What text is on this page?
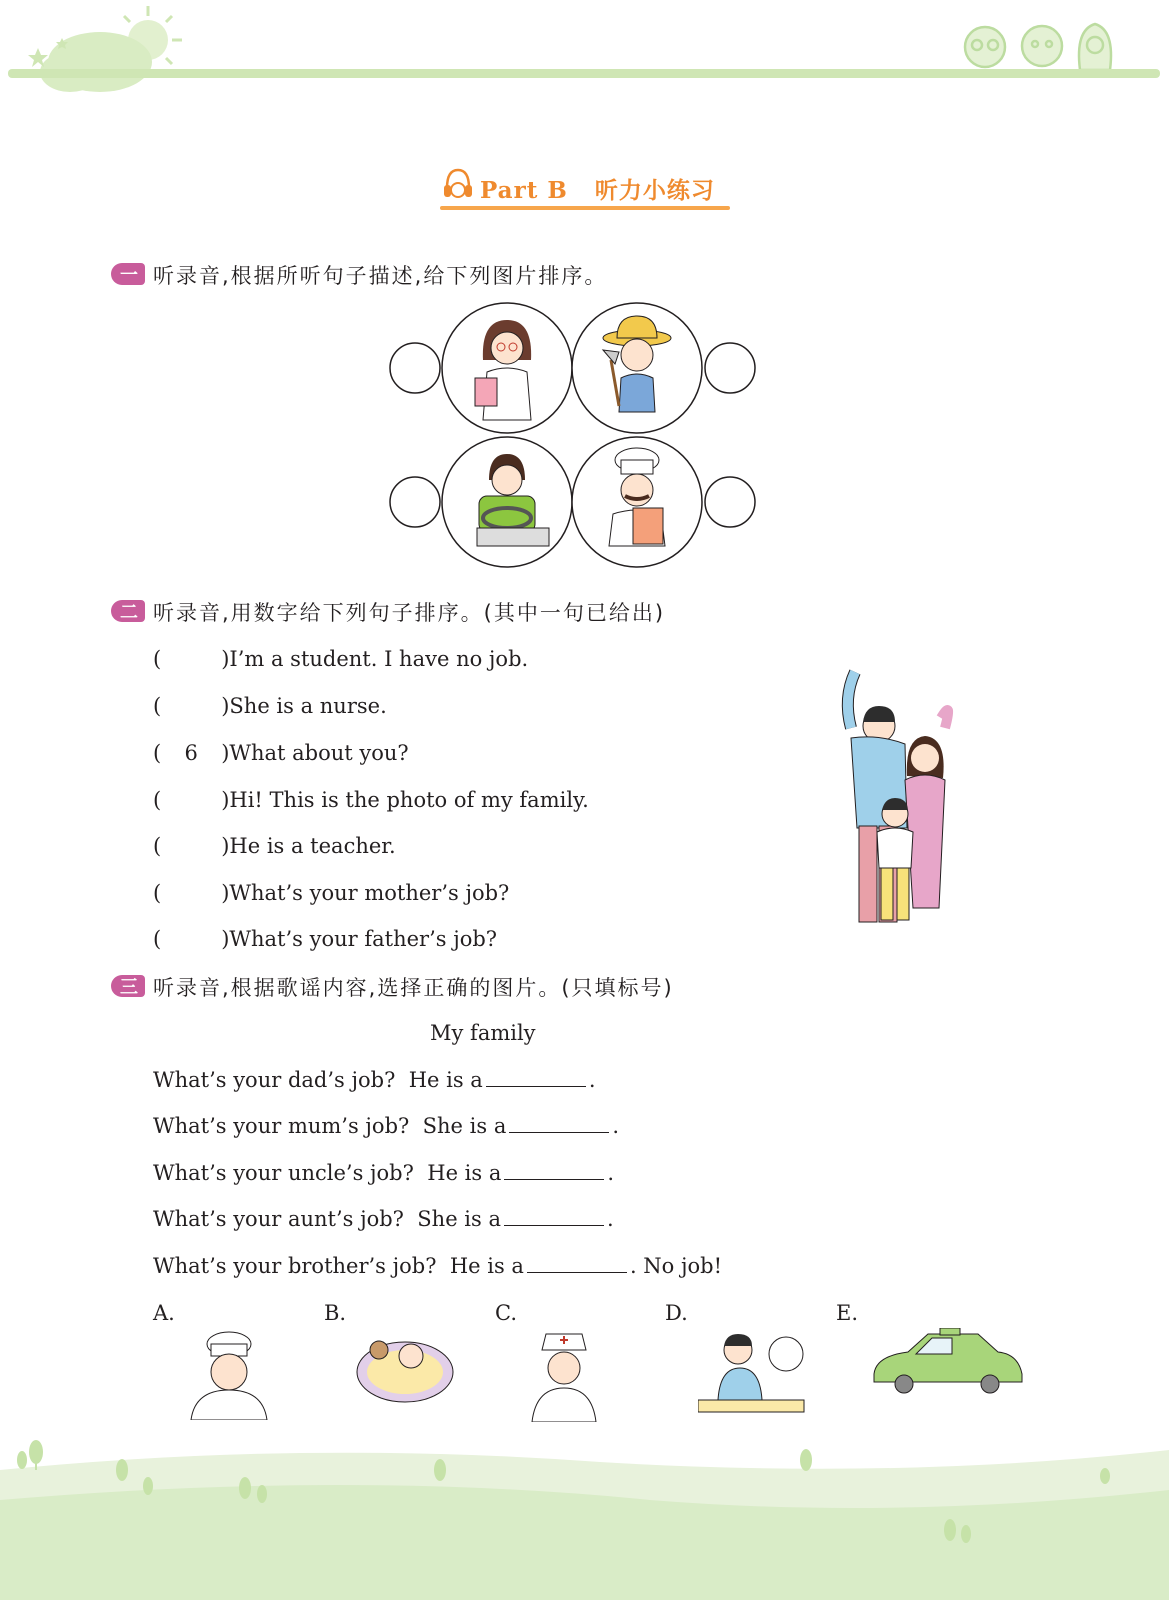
Part B 听力小练习
一 听录音,根据所听句子描述,给下列图片排序。
二 听录音,用数字给下列句子排序。(其中一句已给出)
(	)I’m a student. I have no job.
(	)She is a nurse.
( 6 )What about you?
(	)Hi! This is the photo of my family.
(	)He is a teacher.
(	)What’s your mother’s job?
(	)What’s your father’s job?
三 听录音,根据歌谣内容,选择正确的图片。(只填标号)
My family
What’s your dad’s job? He is a	.
What’s your mum’s job? She is a	.
What’s your uncle’s job? He is a	.
What’s your aunt’s job? She is a	.
What’s your brother’s job? He is a	. No job!
A.	B.	C.	D.	E.
